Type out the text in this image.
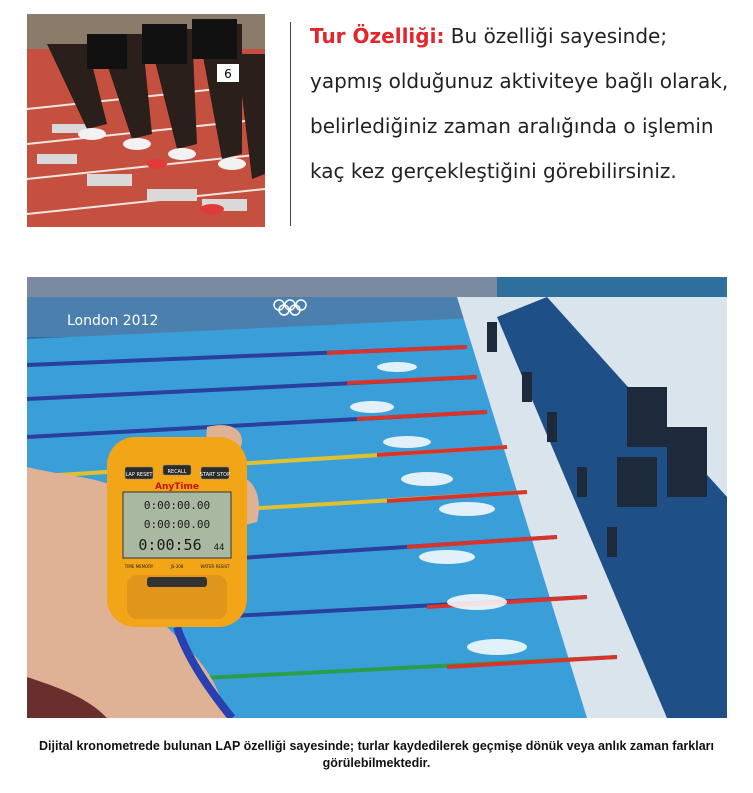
6

Tur Özelliği: Bu özelliği sayesinde; yapmış olduğunuz aktiviteye bağlı olarak, belirlediğiniz zaman aralığında o işlemin kaç kez gerçekleştiğini görebilirsiniz.

London 2012
LAP RESET	RECALL	START STOP
AnyTime
0:00:00.00
0:00:00.00
0:00:56 44
TIME MEMORY	JS-308	WATER RESIST

Dijital kronometrede bulunan LAP özelliği sayesinde; turlar kaydedilerek geçmişe dönük veya anlık zaman farkları görülebilmektedir.
